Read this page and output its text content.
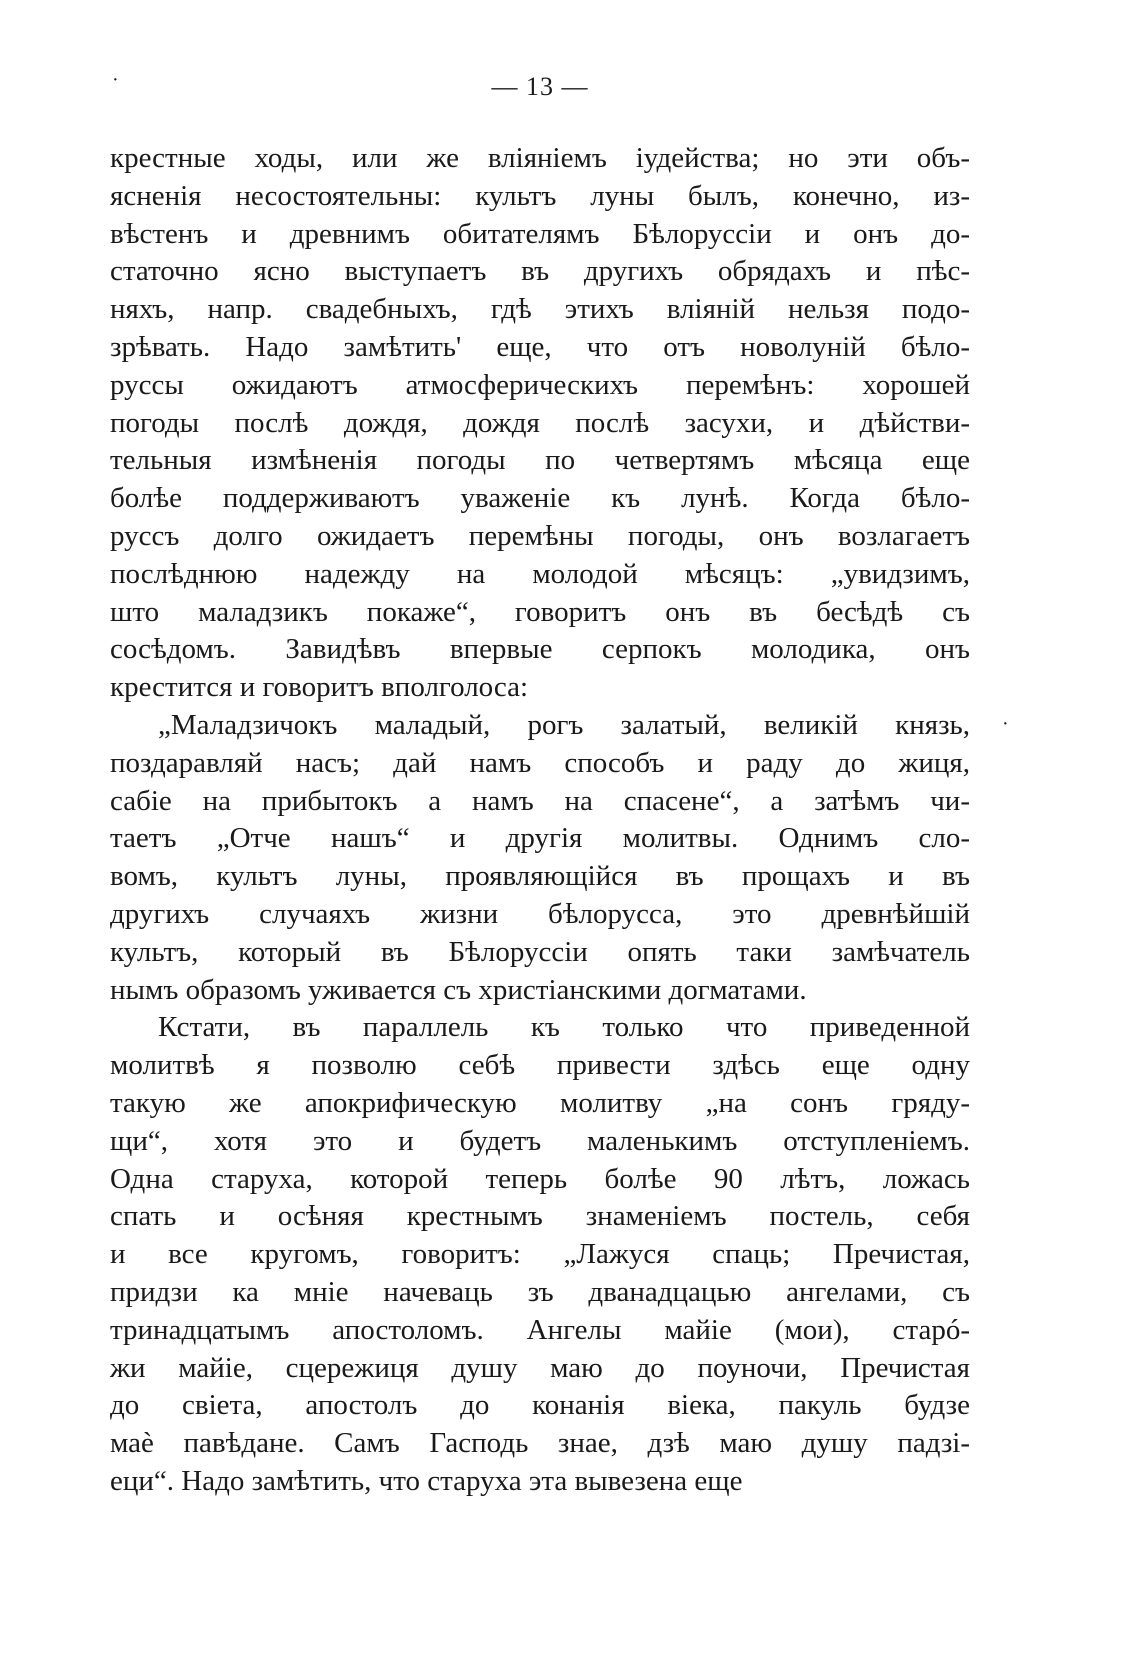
·	— 13 —
·
крестные ходы, или же вліяніемъ іудейства; но эти объ-
ясненія несостоятельны: культъ луны былъ, конечно, из-
вѣстенъ и древнимъ обитателямъ Бѣлоруссіи и онъ до-
статочно ясно выступаетъ въ другихъ обрядахъ и пѣс-
няхъ, напр. свадебныхъ, гдѣ этихъ вліяній нельзя подо-
зрѣвать. Надо замѣтить' еще, что отъ новолуній бѣло-
руссы ожидаютъ атмосферическихъ перемѣнъ: хорошей
погоды послѣ дождя, дождя послѣ засухи, и дѣйстви-
тельныя измѣненія погоды по четвертямъ мѣсяца еще
болѣе поддерживаютъ уваженіе къ лунѣ. Когда бѣло-
руссъ долго ожидаетъ перемѣны погоды, онъ возлагаетъ
послѣднюю надежду на молодой мѣсяцъ: „увидзимъ,
што маладзикъ покаже“, говоритъ онъ въ бесѣдѣ съ
сосѣдомъ. Завидѣвъ впервые серпокъ молодика, онъ
крестится и говоритъ вполголоса:
„Маладзичокъ маладый, рогъ залатый, великій князь,
поздаравляй насъ; дай намъ способъ и раду до жиця,
сабіе на прибытокъ а намъ на спасене“, а затѣмъ чи-
таетъ „Отче нашъ“ и другія молитвы. Однимъ сло-
вомъ, культъ луны, проявляющійся въ прощахъ и въ
другихъ случаяхъ жизни бѣлорусса, это древнѣйшій
культъ, который въ Бѣлоруссіи опять таки замѣчатель
нымъ образомъ уживается съ христіанскими догматами.
Кстати, въ параллель къ только что приведенной
молитвѣ я позволю себѣ привести здѣсь еще одну
такую же апокрифическую молитву „на сонъ гряду-
щи“, хотя это и будетъ маленькимъ отступленіемъ.
Одна старуха, которой теперь болѣе 90 лѣтъ, ложась
спать и осѣняя крестнымъ знаменіемъ постель, себя
и все кругомъ, говоритъ: „Лажуся спаць; Пречистая,
придзи ка мніе начеваць зъ дванадцацью ангелами, съ
тринадцатымъ апостоломъ. Ангелы майіе (мои), старó-
жи майіе, сцережиця душу маю до поуночи, Пречистая
до свіета, апостолъ до конанія віека, пакуль будзе
маѐ павѣдане. Самъ Гасподь знае, дзѣ маю душу падзі-
еци“. Надо замѣтить, что старуха эта вывезена еще
